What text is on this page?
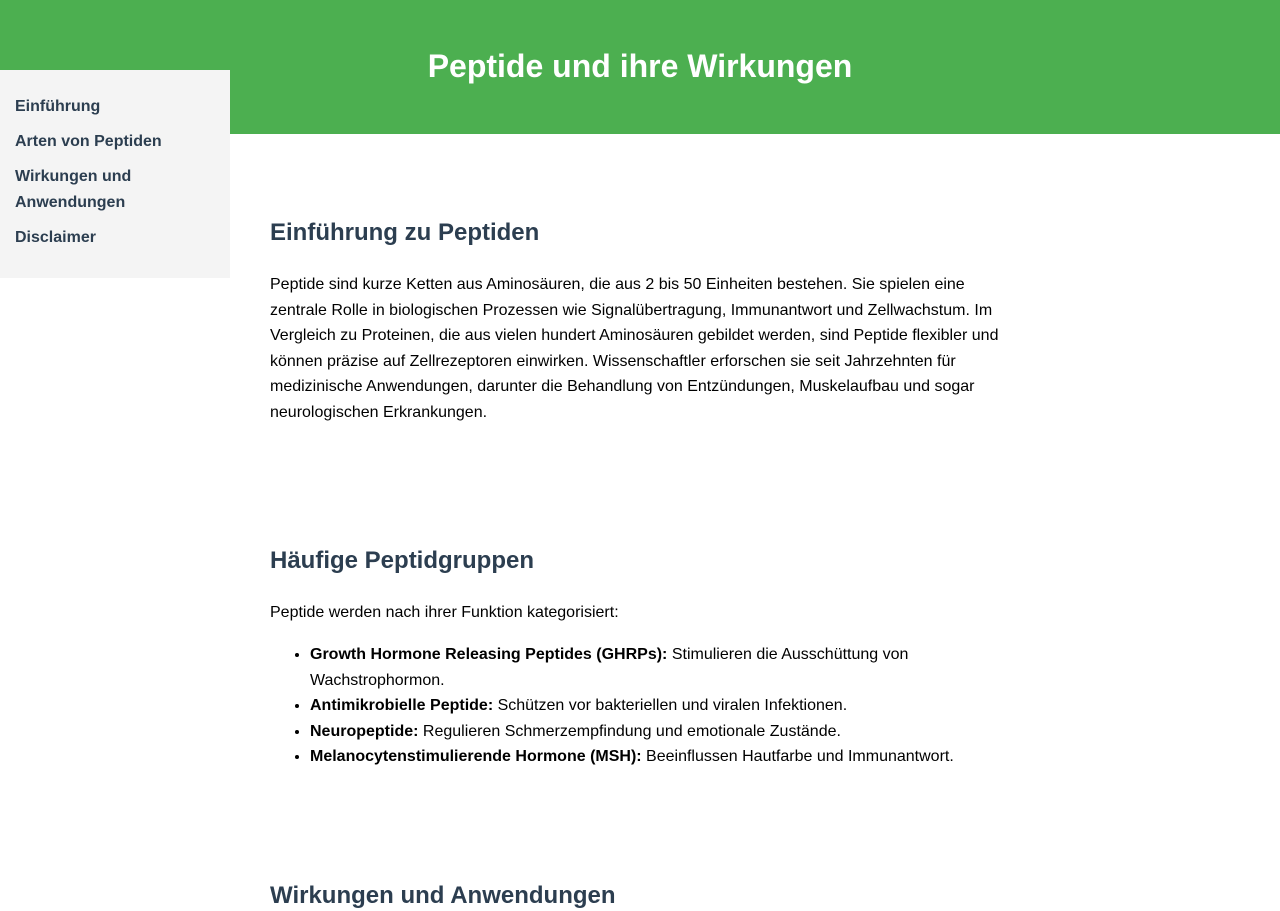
Peptide und ihre Wirkungen
Einführung
Arten von Peptiden
Wirkungen und Anwendungen
Disclaimer	Einführung zu Peptiden

Peptide sind kurze Ketten aus Aminosäuren, die aus 2 bis 50 Einheiten bestehen. Sie spielen eine zentrale Rolle in biologischen Prozessen wie Signalübertragung, Immunantwort und Zellwachstum. Im Vergleich zu Proteinen, die aus vielen hundert Aminosäuren gebildet werden, sind Peptide flexibler und können präzise auf Zellrezeptoren einwirken. Wissenschaftler erforschen sie seit Jahrzehnten für medizinische Anwendungen, darunter die Behandlung von Entzündungen, Muskelaufbau und sogar neurologischen Erkrankungen.

Häufige Peptidgruppen

Peptide werden nach ihrer Funktion kategorisiert:

• Growth Hormone Releasing Peptides (GHRPs): Stimulieren die Ausschüttung von Wachstrophormon.
• Antimikrobielle Peptide: Schützen vor bakteriellen und viralen Infektionen.
• Neuropeptide: Regulieren Schmerzempfindung und emotionale Zustände.
• Melanocytenstimulierende Hormone (MSH): Beeinflussen Hautfarbe und Immunantwort.
Wirkungen und Anwendungen
